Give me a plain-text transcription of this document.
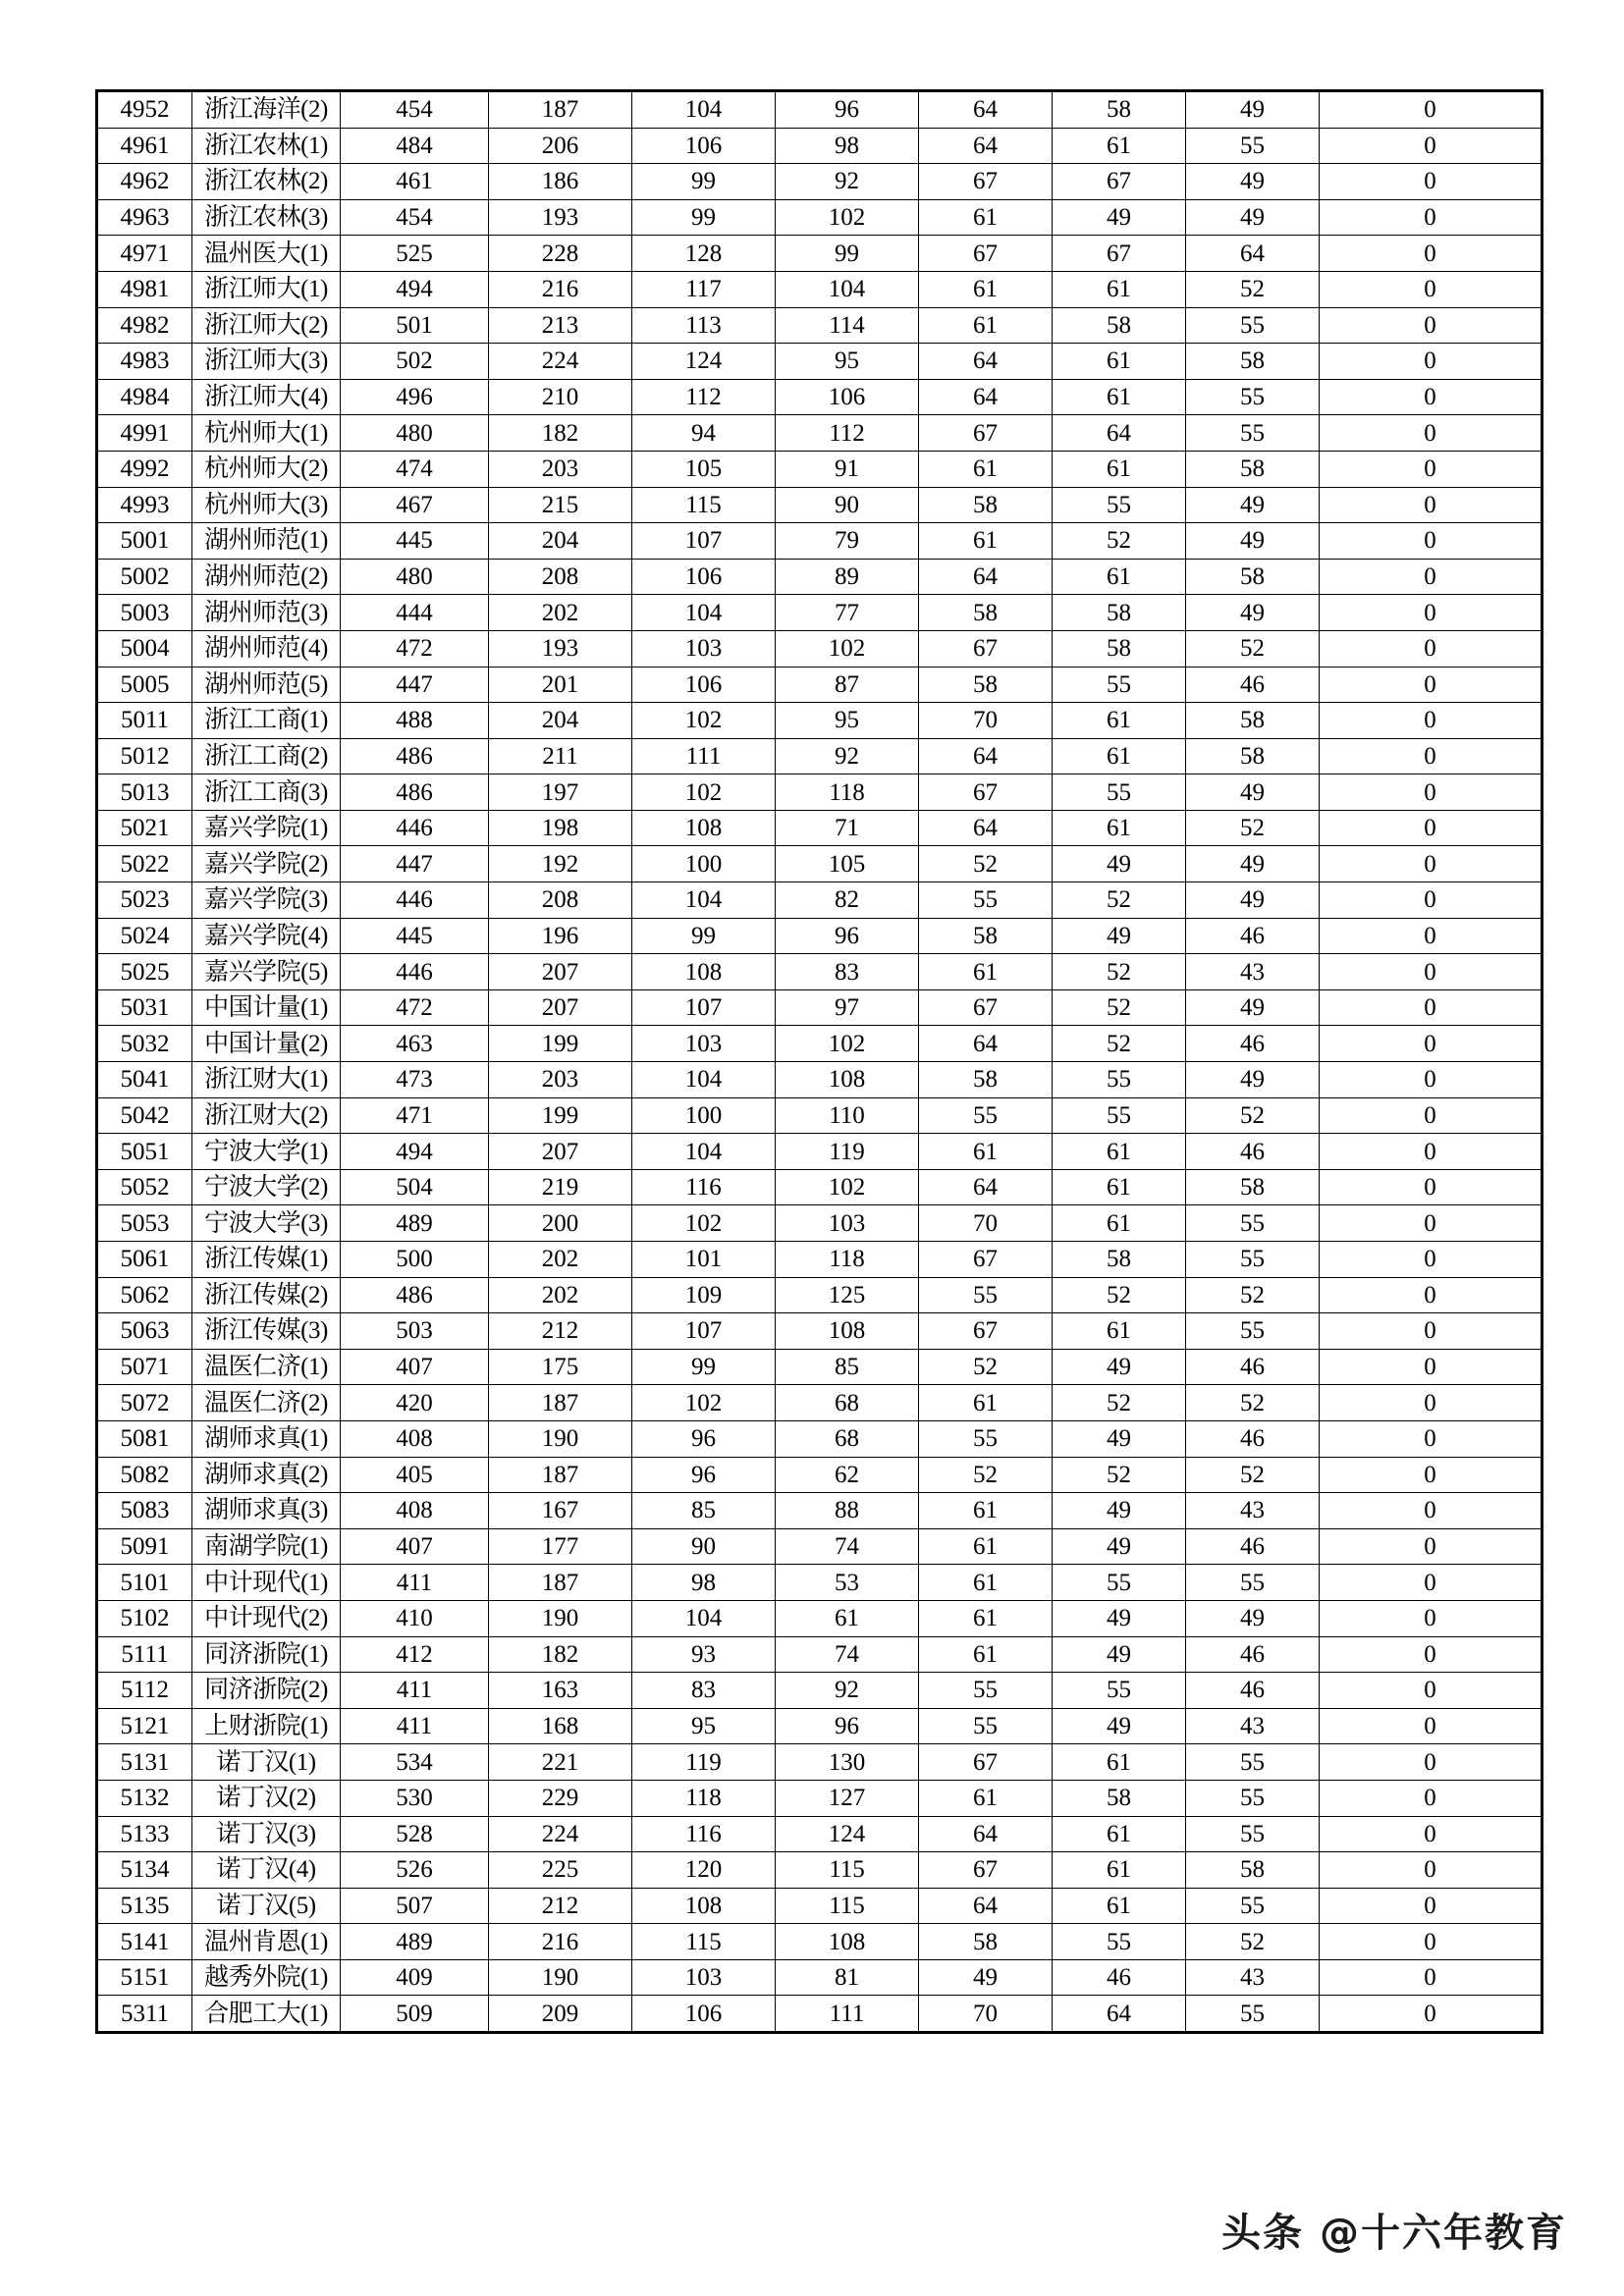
4952	浙江海洋(2)	454	187	104	96	64	58	49	0
4961	浙江农林(1)	484	206	106	98	64	61	55	0
4962	浙江农林(2)	461	186	99	92	67	67	49	0
4963	浙江农林(3)	454	193	99	102	61	49	49	0
4971	温州医大(1)	525	228	128	99	67	67	64	0
4981	浙江师大(1)	494	216	117	104	61	61	52	0
4982	浙江师大(2)	501	213	113	114	61	58	55	0
4983	浙江师大(3)	502	224	124	95	64	61	58	0
4984	浙江师大(4)	496	210	112	106	64	61	55	0
4991	杭州师大(1)	480	182	94	112	67	64	55	0
4992	杭州师大(2)	474	203	105	91	61	61	58	0
4993	杭州师大(3)	467	215	115	90	58	55	49	0
5001	湖州师范(1)	445	204	107	79	61	52	49	0
5002	湖州师范(2)	480	208	106	89	64	61	58	0
5003	湖州师范(3)	444	202	104	77	58	58	49	0
5004	湖州师范(4)	472	193	103	102	67	58	52	0
5005	湖州师范(5)	447	201	106	87	58	55	46	0
5011	浙江工商(1)	488	204	102	95	70	61	58	0
5012	浙江工商(2)	486	211	111	92	64	61	58	0
5013	浙江工商(3)	486	197	102	118	67	55	49	0
5021	嘉兴学院(1)	446	198	108	71	64	61	52	0
5022	嘉兴学院(2)	447	192	100	105	52	49	49	0
5023	嘉兴学院(3)	446	208	104	82	55	52	49	0
5024	嘉兴学院(4)	445	196	99	96	58	49	46	0
5025	嘉兴学院(5)	446	207	108	83	61	52	43	0
5031	中国计量(1)	472	207	107	97	67	52	49	0
5032	中国计量(2)	463	199	103	102	64	52	46	0
5041	浙江财大(1)	473	203	104	108	58	55	49	0
5042	浙江财大(2)	471	199	100	110	55	55	52	0
5051	宁波大学(1)	494	207	104	119	61	61	46	0
5052	宁波大学(2)	504	219	116	102	64	61	58	0
5053	宁波大学(3)	489	200	102	103	70	61	55	0
5061	浙江传媒(1)	500	202	101	118	67	58	55	0
5062	浙江传媒(2)	486	202	109	125	55	52	52	0
5063	浙江传媒(3)	503	212	107	108	67	61	55	0
5071	温医仁济(1)	407	175	99	85	52	49	46	0
5072	温医仁济(2)	420	187	102	68	61	52	52	0
5081	湖师求真(1)	408	190	96	68	55	49	46	0
5082	湖师求真(2)	405	187	96	62	52	52	52	0
5083	湖师求真(3)	408	167	85	88	61	49	43	0
5091	南湖学院(1)	407	177	90	74	61	49	46	0
5101	中计现代(1)	411	187	98	53	61	55	55	0
5102	中计现代(2)	410	190	104	61	61	49	49	0
5111	同济浙院(1)	412	182	93	74	61	49	46	0
5112	同济浙院(2)	411	163	83	92	55	55	46	0
5121	上财浙院(1)	411	168	95	96	55	49	43	0
5131	诺丁汉(1)	534	221	119	130	67	61	55	0
5132	诺丁汉(2)	530	229	118	127	61	58	55	0
5133	诺丁汉(3)	528	224	116	124	64	61	55	0
5134	诺丁汉(4)	526	225	120	115	67	61	58	0
5135	诺丁汉(5)	507	212	108	115	64	61	55	0
5141	温州肯恩(1)	489	216	115	108	58	55	52	0
5151	越秀外院(1)	409	190	103	81	49	46	43	0
5311	合肥工大(1)	509	209	106	111	70	64	55	0
头条 @十六年教育
